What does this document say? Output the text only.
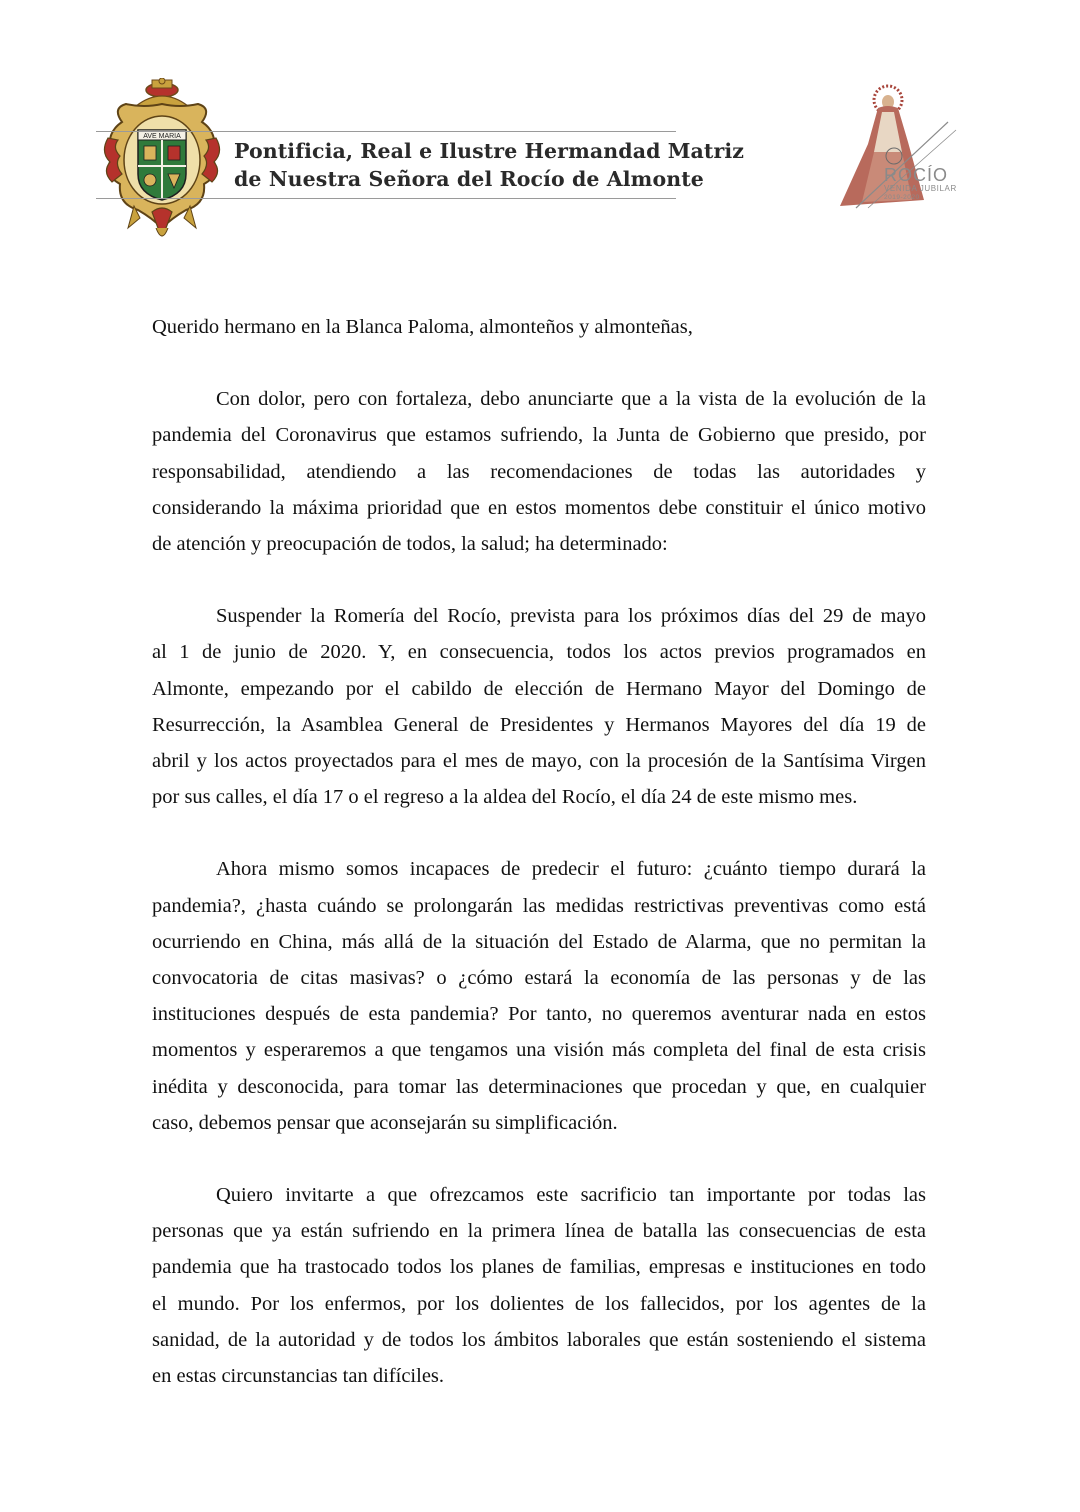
AVE MARIA
Pontificia, Real e Ilustre Hermandad Matriz
de Nuestra Señora del Rocío de Almonte	ROCÍO
VENIDA JUBILAR
2019-2020
Querido hermano en la Blanca Paloma, almonteños y almonteñas,
Con dolor, pero con fortaleza, debo anunciarte que a la vista de la evolución de la
pandemia del Coronavirus que estamos sufriendo, la Junta de Gobierno que presido, por
responsabilidad, atendiendo a las recomendaciones de todas las autoridades y
considerando la máxima prioridad que en estos momentos debe constituir el único motivo
de atención y preocupación de todos, la salud; ha determinado:
Suspender la Romería del Rocío, prevista para los próximos días del 29 de mayo
al 1 de junio de 2020. Y, en consecuencia, todos los actos previos programados en
Almonte, empezando por el cabildo de elección de Hermano Mayor del Domingo de
Resurrección, la Asamblea General de Presidentes y Hermanos Mayores del día 19 de
abril y los actos proyectados para el mes de mayo, con la procesión de la Santísima Virgen
por sus calles, el día 17 o el regreso a la aldea del Rocío, el día 24 de este mismo mes.
Ahora mismo somos incapaces de predecir el futuro: ¿cuánto tiempo durará la
pandemia?, ¿hasta cuándo se prolongarán las medidas restrictivas preventivas como está
ocurriendo en China, más allá de la situación del Estado de Alarma, que no permitan la
convocatoria de citas masivas? o ¿cómo estará la economía de las personas y de las
instituciones después de esta pandemia? Por tanto, no queremos aventurar nada en estos
momentos y esperaremos a que tengamos una visión más completa del final de esta crisis
inédita y desconocida, para tomar las determinaciones que procedan y que, en cualquier
caso, debemos pensar que aconsejarán su simplificación.
Quiero invitarte a que ofrezcamos este sacrificio tan importante por todas las
personas que ya están sufriendo en la primera línea de batalla las consecuencias de esta
pandemia que ha trastocado todos los planes de familias, empresas e instituciones en todo
el mundo. Por los enfermos, por los dolientes de los fallecidos, por los agentes de la
sanidad, de la autoridad y de todos los ámbitos laborales que están sosteniendo el sistema
en estas circunstancias tan difíciles.
